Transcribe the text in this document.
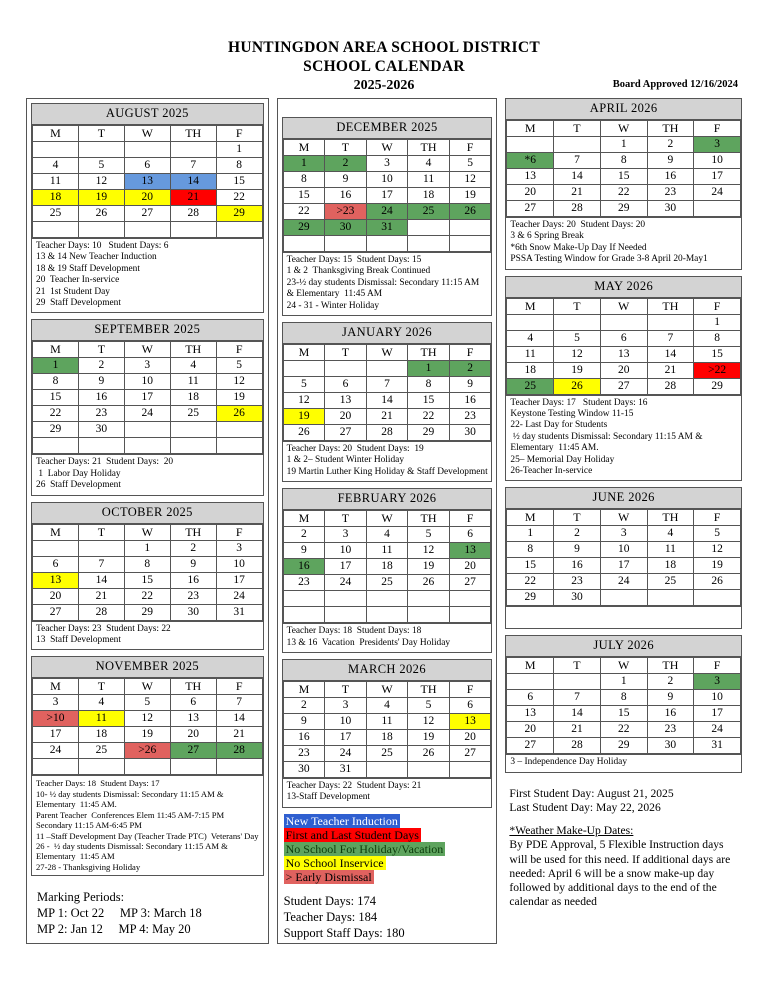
HUNTINGDON AREA SCHOOL DISTRICT
SCHOOL CALENDAR
2025-2026	Board Approved 12/16/2024
AUGUST 2025
M	T	W	TH	F
				1
4	5	6	7	8
11	12	13	14	15
18	19	20	21	22
25	26	27	28	29

Teacher Days: 10   Student Days: 6
13 & 14 New Teacher Induction
18 & 19 Staff Development
20  Teacher In-service
21  1st Student Day
29  Staff Development
SEPTEMBER 2025
M	T	W	TH	F
1	2	3	4	5
8	9	10	11	12
15	16	17	18	19
22	23	24	25	26
29	30			

Teacher Days: 21  Student Days:  20
1  Labor Day Holiday
26  Staff Development
OCTOBER 2025
M	T	W	TH	F
		1	2	3
6	7	8	9	10
13	14	15	16	17
20	21	22	23	24
27	28	29	30	31
Teacher Days: 23  Student Days: 22
13  Staff Development
NOVEMBER 2025
M	T	W	TH	F
3	4	5	6	7
>10	11	12	13	14
17	18	19	20	21
24	25	>26	27	28

Teacher Days: 18  Student Days: 17
10- ½ day students Dismissal: Secondary 11:15 AM & Elementary  11:45 AM.
Parent Teacher  Conferences Elem 11:45 AM-7:15 PM Secondary 11:15 AM-6:45 PM
11 –Staff Development Day (Teacher Trade PTC)  Veterans' Day
26 -  ½ day students Dismissal: Secondary 11:15 AM & Elementary  11:45 AM
27-28 - Thanksgiving Holiday
Marking Periods:
MP 1: Oct 22 MP 3: March 18
MP 2: Jan 12 MP 4: May 20
DECEMBER 2025
M	T	W	TH	F
1	2	3	4	5
8	9	10	11	12
15	16	17	18	19
22	>23	24	25	26
29	30	31		

Teacher Days: 15  Student Days: 15
1 & 2  Thanksgiving Break Continued
23-½ day students Dismissal: Secondary 11:15 AM & Elementary  11:45 AM
24 - 31 - Winter Holiday
JANUARY 2026
M	T	W	TH	F
			1	2
5	6	7	8	9
12	13	14	15	16
19	20	21	22	23
26	27	28	29	30
Teacher Days: 20  Student Days:  19
1 & 2– Student Winter Holiday
19 Martin Luther King Holiday & Staff Development
FEBRUARY 2026
M	T	W	TH	F
2	3	4	5	6
9	10	11	12	13
16	17	18	19	20
23	24	25	26	27

Teacher Days: 18  Student Days: 18
13 & 16  Vacation  Presidents' Day Holiday
MARCH 2026
M	T	W	TH	F
2	3	4	5	6
9	10	11	12	13
16	17	18	19	20
23	24	25	26	27
30	31			
Teacher Days: 22  Student Days: 21
13-Staff Development
New Teacher Induction
First and Last Student Days
No School For Holiday/Vacation
No School Inservice
> Early Dismissal
Student Days: 174
Teacher Days: 184
Support Staff Days: 180
APRIL 2026
M	T	W	TH	F
		1	2	3
*6	7	8	9	10
13	14	15	16	17
20	21	22	23	24
27	28	29	30	
Teacher Days: 20  Student Days: 20
3 & 6 Spring Break
*6th Snow Make-Up Day If Needed
PSSA Testing Window for Grade 3-8 April 20-May1
MAY 2026
M	T	W	TH	F
				1
4	5	6	7	8
11	12	13	14	15
18	19	20	21	>22
25	26	27	28	29
Teacher Days: 17   Student Days: 16
Keystone Testing Window 11-15
22- Last Day for Students
½ day students Dismissal: Secondary 11:15 AM & Elementary  11:45 AM.
25– Memorial Day Holiday
26-Teacher In-service
JUNE 2026
M	T	W	TH	F
1	2	3	4	5
8	9	10	11	12
15	16	17	18	19
22	23	24	25	26
29	30			
JULY 2026
M	T	W	TH	F
		1	2	3
6	7	8	9	10
13	14	15	16	17
20	21	22	23	24
27	28	29	30	31
3 – Independence Day Holiday
First Student Day: August 21, 2025
Last Student Day: May 22, 2026
*Weather Make-Up Dates:
By PDE Approval, 5 Flexible Instruction days will be used for this need. If additional days are needed: April 6 will be a snow make-up day followed by additional days to the end of the calendar as needed
